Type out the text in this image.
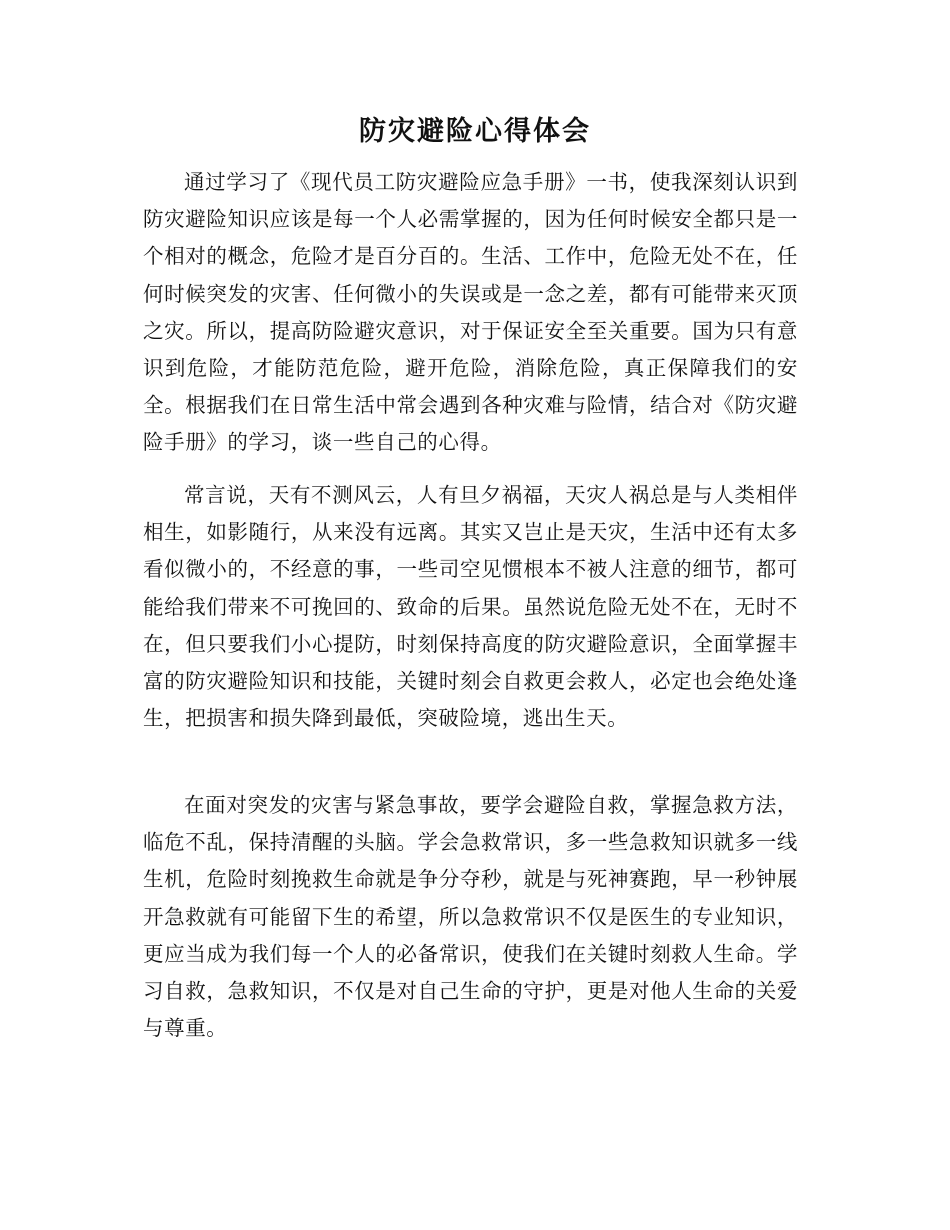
防灾避险心得体会

通过学习了《现代员工防灾避险应急手册》一书，使我深刻认识到防灾避险知识应该是每一个人必需掌握的，因为任何时候安全都只是一个相对的概念，危险才是百分百的。生活、工作中，危险无处不在，任何时候突发的灾害、任何微小的失误或是一念之差，都有可能带来灭顶之灾。所以，提高防险避灾意识，对于保证安全至关重要。国为只有意识到危险，才能防范危险，避开危险，消除危险，真正保障我们的安全。根据我们在日常生活中常会遇到各种灾难与险情，结合对《防灾避险手册》的学习，谈一些自己的心得。

常言说，天有不测风云，人有旦夕祸福，天灾人祸总是与人类相伴相生，如影随行，从来没有远离。其实又岂止是天灾，生活中还有太多看似微小的，不经意的事，一些司空见惯根本不被人注意的细节，都可能给我们带来不可挽回的、致命的后果。虽然说危险无处不在，无时不在，但只要我们小心提防，时刻保持高度的防灾避险意识，全面掌握丰富的防灾避险知识和技能，关键时刻会自救更会救人，必定也会绝处逢生，把损害和损失降到最低，突破险境，逃出生天。

在面对突发的灾害与紧急事故，要学会避险自救，掌握急救方法，临危不乱，保持清醒的头脑。学会急救常识，多一些急救知识就多一线生机，危险时刻挽救生命就是争分夺秒，就是与死神赛跑，早一秒钟展开急救就有可能留下生的希望，所以急救常识不仅是医生的专业知识，更应当成为我们每一个人的必备常识，使我们在关键时刻救人生命。学习自救，急救知识，不仅是对自己生命的守护，更是对他人生命的关爱与尊重。
